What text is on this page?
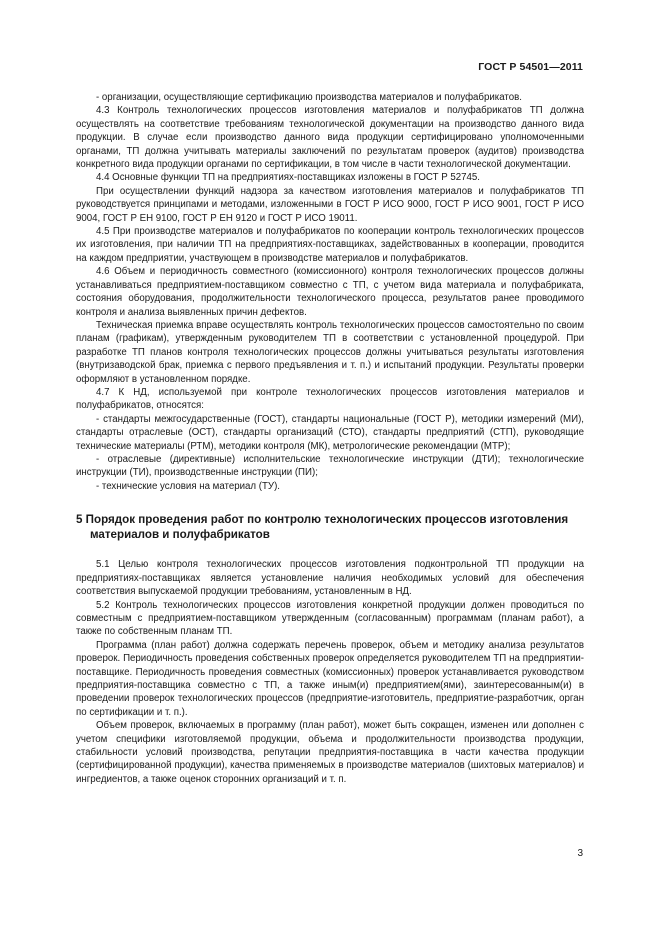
ГОСТ Р 54501—2011

- организации, осуществляющие сертификацию производства материалов и полуфабрикатов.

4.3 Контроль технологических процессов изготовления материалов и полуфабрикатов ТП должна осуществлять на соответствие требованиям технологической документации на производство данного вида продукции. В случае если производство данного вида продукции сертифицировано уполномоченными органами, ТП должна учитывать материалы заключений по результатам проверок (аудитов) производства конкретного вида продукции органами по сертификации, в том числе в части технологической документации.

4.4 Основные функции ТП на предприятиях-поставщиках изложены в ГОСТ Р 52745.

При осуществлении функций надзора за качеством изготовления материалов и полуфабрикатов ТП руководствуется принципами и методами, изложенными в ГОСТ Р ИСО 9000, ГОСТ Р ИСО 9001, ГОСТ Р ИСО 9004, ГОСТ Р ЕН 9100, ГОСТ Р ЕН 9120 и ГОСТ Р ИСО 19011.

4.5 При производстве материалов и полуфабрикатов по кооперации контроль технологических процессов их изготовления, при наличии ТП на предприятиях-поставщиках, задействованных в кооперации, проводится на каждом предприятии, участвующем в производстве материалов и полуфабрикатов.

4.6 Объем и периодичность совместного (комиссионного) контроля технологических процессов должны устанавливаться предприятием-поставщиком совместно с ТП, с учетом вида материала и полуфабриката, состояния оборудования, продолжительности технологического процесса, результатов ранее проводимого контроля и анализа выявленных причин дефектов.

Техническая приемка вправе осуществлять контроль технологических процессов самостоятельно по своим планам (графикам), утвержденным руководителем ТП в соответствии с установленной процедурой. При разработке ТП планов контроля технологических процессов должны учитываться результаты изготовления (внутризаводской брак, приемка с первого предъявления и т. п.) и испытаний продукции. Результаты проверки оформляют в установленном порядке.

4.7 К НД, используемой при контроле технологических процессов изготовления материалов и полуфабрикатов, относятся:

- стандарты межгосударственные (ГОСТ), стандарты национальные (ГОСТ Р), методики измерений (МИ), стандарты отраслевые (ОСТ), стандарты организаций (СТО), стандарты предприятий (СТП), руководящие технические материалы (РТМ), методики контроля (МК), метрологические рекомендации (МТР);

- отраслевые (директивные) исполнительские технологические инструкции (ДТИ); технологические инструкции (ТИ), производственные инструкции (ПИ);

- технические условия на материал (ТУ).

5 Порядок проведения работ по контролю технологических процессов изготовления материалов и полуфабрикатов

5.1 Целью контроля технологических процессов изготовления подконтрольной ТП продукции на предприятиях-поставщиках является установление наличия необходимых условий для обеспечения соответствия выпускаемой продукции требованиям, установленным в НД.

5.2 Контроль технологических процессов изготовления конкретной продукции должен проводиться по совместным с предприятием-поставщиком утвержденным (согласованным) программам (планам работ), а также по собственным планам ТП.

Программа (план работ) должна содержать перечень проверок, объем и методику анализа результатов проверок. Периодичность проведения собственных проверок определяется руководителем ТП на предприятии-поставщике. Периодичность проведения совместных (комиссионных) проверок устанавливается руководством предприятия-поставщика совместно с ТП, а также иным(и) предприятием(ями), заинтересованным(и) в проведении проверок технологических процессов (предприятие-изготовитель, предприятие-разработчик, орган по сертификации и т. п.).

Объем проверок, включаемых в программу (план работ), может быть сокращен, изменен или дополнен с учетом специфики изготовляемой продукции, объема и продолжительности производства продукции, стабильности условий производства, репутации предприятия-поставщика в части качества продукции (сертифицированной продукции), качества применяемых в производстве материалов (шихтовых материалов) и ингредиентов, а также оценок сторонних организаций и т. п.

3
